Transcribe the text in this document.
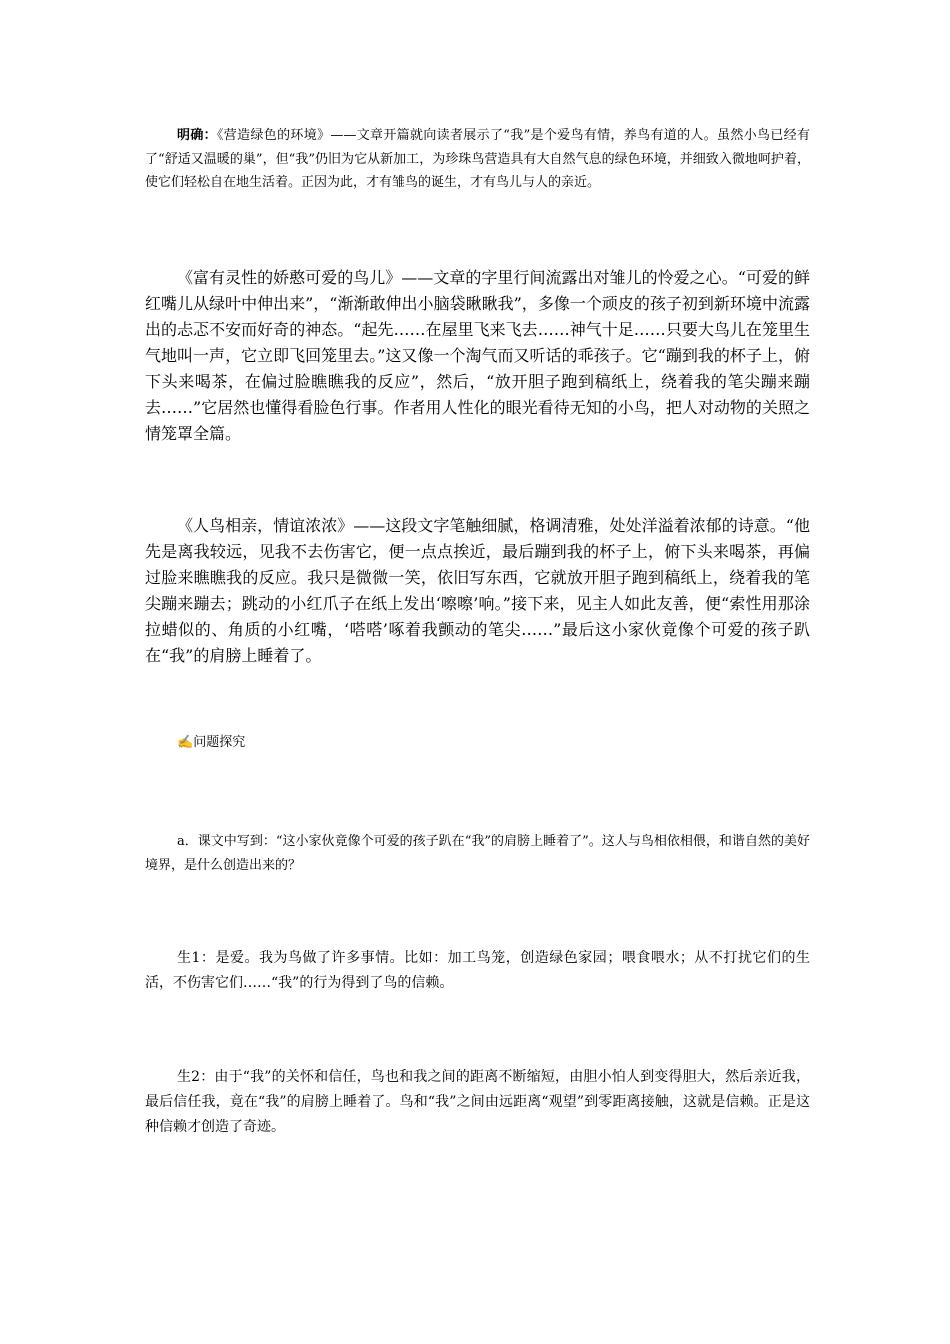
明确：《营造绿色的环境》——文章开篇就向读者展示了“我”是个爱鸟有情，养鸟有道的人。虽然小鸟已经有了“舒适又温暖的巢”，但“我”仍旧为它从新加工，为珍珠鸟营造具有大自然气息的绿色环境，并细致入微地呵护着，使它们轻松自在地生活着。正因为此，才有雏鸟的诞生，才有鸟儿与人的亲近。

《富有灵性的娇憨可爱的鸟儿》——文章的字里行间流露出对雏儿的怜爱之心。“可爱的鲜红嘴儿从绿叶中伸出来”，“渐渐敢伸出小脑袋瞅瞅我”，多像一个顽皮的孩子初到新环境中流露出的忐忑不安而好奇的神态。“起先……在屋里飞来飞去……神气十足……只要大鸟儿在笼里生气地叫一声，它立即飞回笼里去。”这又像一个淘气而又听话的乖孩子。它“蹦到我的杯子上，俯下头来喝茶，在偏过脸瞧瞧我的反应”，然后，“放开胆子跑到稿纸上，绕着我的笔尖蹦来蹦去……”它居然也懂得看脸色行事。作者用人性化的眼光看待无知的小鸟，把人对动物的关照之情笼罩全篇。

《人鸟相亲，情谊浓浓》——这段文字笔触细腻，格调清雅，处处洋溢着浓郁的诗意。“他先是离我较远，见我不去伤害它，便一点点挨近，最后蹦到我的杯子上，俯下头来喝茶，再偏过脸来瞧瞧我的反应。我只是微微一笑，依旧写东西，它就放开胆子跑到稿纸上，绕着我的笔尖蹦来蹦去；跳动的小红爪子在纸上发出‘嚓嚓’响。”接下来，见主人如此友善，便“索性用那涂拉蜡似的、角质的小红嘴，‘嗒嗒’啄着我颤动的笔尖……”最后这小家伙竟像个可爱的孩子趴在“我”的肩膀上睡着了。

✍问题探究

a．课文中写到：“这小家伙竟像个可爱的孩子趴在“我”的肩膀上睡着了”。这人与鸟相依相偎，和谐自然的美好境界，是什么创造出来的？

生1：是爱。我为鸟做了许多事情。比如：加工鸟笼，创造绿色家园；喂食喂水；从不打扰它们的生活，不伤害它们……“我”的行为得到了鸟的信赖。

生2：由于“我”的关怀和信任，鸟也和我之间的距离不断缩短，由胆小怕人到变得胆大，然后亲近我，最后信任我，竟在“我”的肩膀上睡着了。鸟和“我”之间由远距离“观望”到零距离接触，这就是信赖。正是这种信赖才创造了奇迹。
